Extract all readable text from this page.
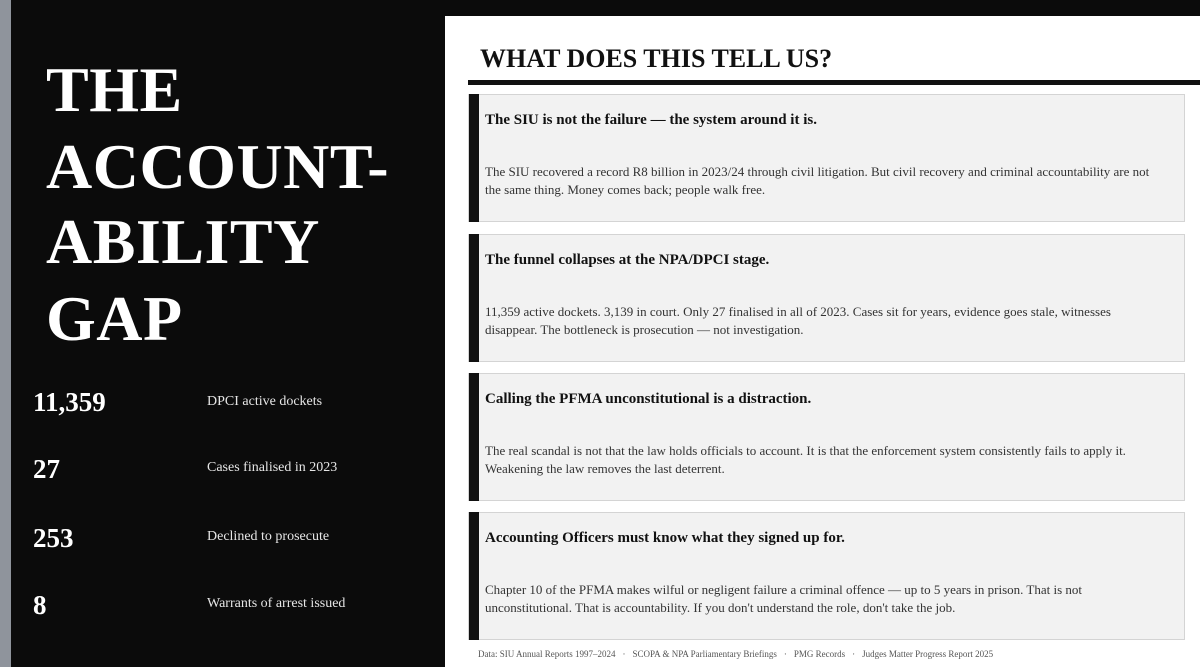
THE
ACCOUNT-
ABILITY
GAP
11,359	DPCI active dockets
27	Cases finalised in 2023
253	Declined to prosecute
8	Warrants of arrest issued
WHAT DOES THIS TELL US?
The SIU is not the failure — the system around it is.
The SIU recovered a record R8 billion in 2023/24 through civil litigation. But civil recovery and criminal accountability are not the same thing. Money comes back; people walk free.
The funnel collapses at the NPA/DPCI stage.
11,359 active dockets. 3,139 in court. Only 27 finalised in all of 2023. Cases sit for years, evidence goes stale, witnesses disappear. The bottleneck is prosecution — not investigation.
Calling the PFMA unconstitutional is a distraction.
The real scandal is not that the law holds officials to account. It is that the enforcement system consistently fails to apply it. Weakening the law removes the last deterrent.
Accounting Officers must know what they signed up for.
Chapter 10 of the PFMA makes wilful or negligent failure a criminal offence — up to 5 years in prison. That is not unconstitutional. That is accountability. If you don't understand the role, don't take the job.
Data: SIU Annual Reports 1997–2024 · SCOPA & NPA Parliamentary Briefings · PMG Records · Judges Matter Progress Report 2025
